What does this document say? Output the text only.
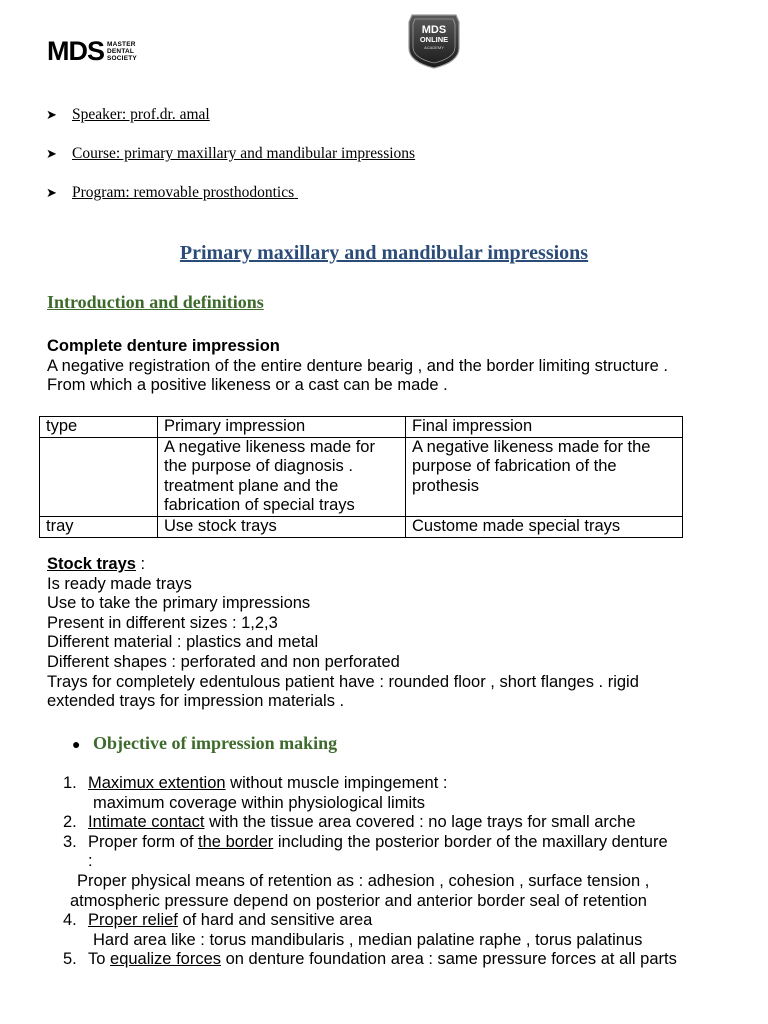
MDS MASTER
DENTAL
SOCIETY
MDS
ONLINE
ACADEMY
➤ Speaker: prof.dr. amal
➤ Course: primary maxillary and mandibular impressions
➤ Program: removable prosthodontics
Primary maxillary and mandibular impressions
Introduction and definitions
Complete denture impression
A negative registration of the entire denture bearig , and the border limiting structure .
From which a positive likeness or a cast can be made .
type	Primary impression	Final impression
	A negative likeness made for the purpose of diagnosis . treatment plane and the fabrication of special trays	A negative likeness made for the purpose of fabrication of the prothesis
tray	Use stock trays	Custome made special trays
Stock trays :
Is ready made trays
Use to take the primary impressions
Present in different sizes : 1,2,3
Different material : plastics and metal
Different shapes : perforated and non perforated
Trays for completely edentulous patient have : rounded floor , short flanges . rigid
extended trays for impression materials .
● Objective of impression making
1. Maximux extention without muscle impingement :
maximum coverage within physiological limits
2. Intimate contact with the tissue area covered : no lage trays for small arche
3. Proper form of the border including the posterior border of the maxillary denture
:
Proper physical means of retention as : adhesion , cohesion , surface tension ,
atmospheric pressure depend on posterior and anterior border seal of retention
4. Proper relief of hard and sensitive area
Hard area like : torus mandibularis , median palatine raphe , torus palatinus
5. To equalize forces on denture foundation area : same pressure forces at all parts
